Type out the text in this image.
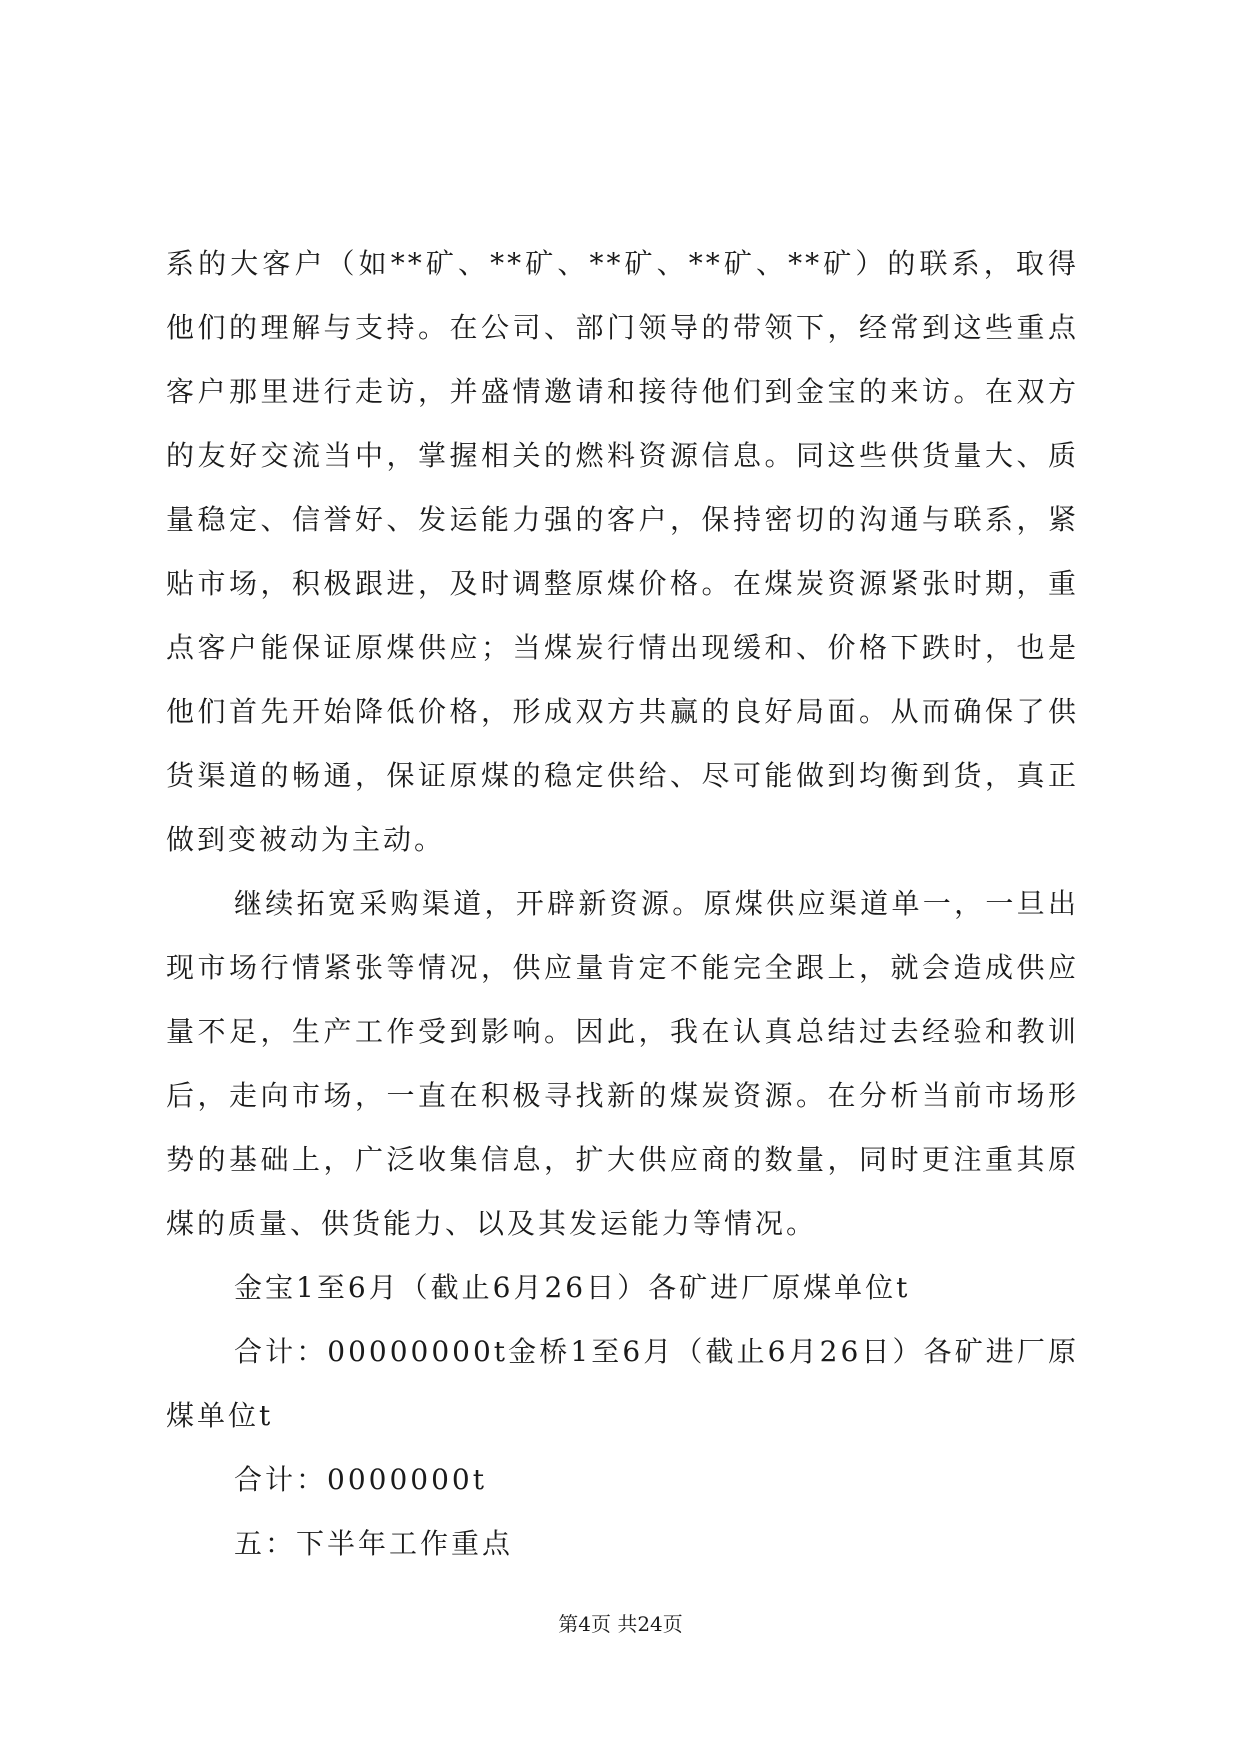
系的大客户（如**矿、**矿、**矿、**矿、**矿）的联系，取得他们的理解与支持。在公司、部门领导的带领下，经常到这些重点客户那里进行走访，并盛情邀请和接待他们到金宝的来访。在双方的友好交流当中，掌握相关的燃料资源信息。同这些供货量大、质量稳定、信誉好、发运能力强的客户，保持密切的沟通与联系，紧贴市场，积极跟进，及时调整原煤价格。在煤炭资源紧张时期，重点客户能保证原煤供应；当煤炭行情出现缓和、价格下跌时，也是他们首先开始降低价格，形成双方共赢的良好局面。从而确保了供货渠道的畅通，保证原煤的稳定供给、尽可能做到均衡到货，真正做到变被动为主动。

继续拓宽采购渠道，开辟新资源。原煤供应渠道单一，一旦出现市场行情紧张等情况，供应量肯定不能完全跟上，就会造成供应量不足，生产工作受到影响。因此，我在认真总结过去经验和教训后，走向市场，一直在积极寻找新的煤炭资源。在分析当前市场形势的基础上，广泛收集信息，扩大供应商的数量，同时更注重其原煤的质量、供货能力、以及其发运能力等情况。

金宝1至6月（截止6月26日）各矿进厂原煤单位t

合计：00000000t金桥1至6月（截止6月26日）各矿进厂原煤单位t

合计：0000000t

五：下半年工作重点

第4页 共24页
